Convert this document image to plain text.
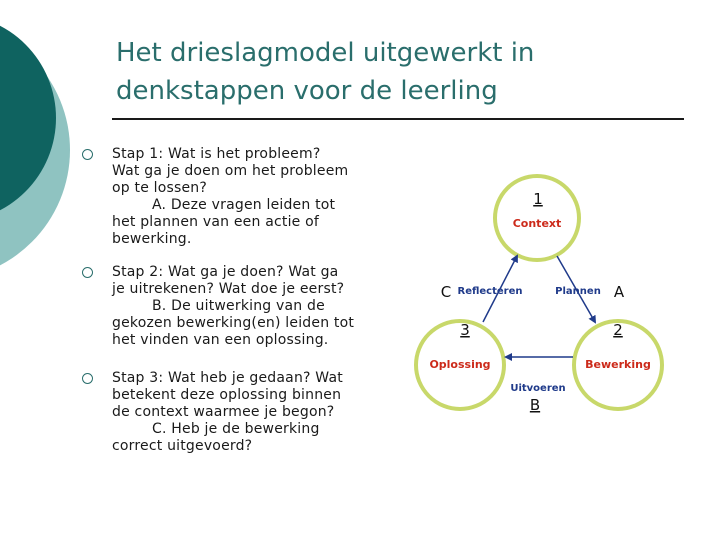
Het drieslagmodel uitgewerkt in
denkstappen voor de leerling
Stap 1: Wat is het probleem?
Wat ga je doen om het probleem
op te lossen?
A. Deze vragen leiden tot
het plannen van een actie of
bewerking.
Stap 2: Wat ga je doen? Wat ga
je uitrekenen? Wat doe je eerst?
B. De uitwerking van de
gekozen bewerking(en) leiden tot
het vinden van een oplossing.
Stap 3: Wat heb je gedaan? Wat
betekent deze oplossing binnen
de context waarmee je begon?
C. Heb je de bewerking
correct uitgevoerd?
Context
Bewerking
Oplossing
Plannen
Reflecteren
Uitvoeren
1
A
2
C
3
B
